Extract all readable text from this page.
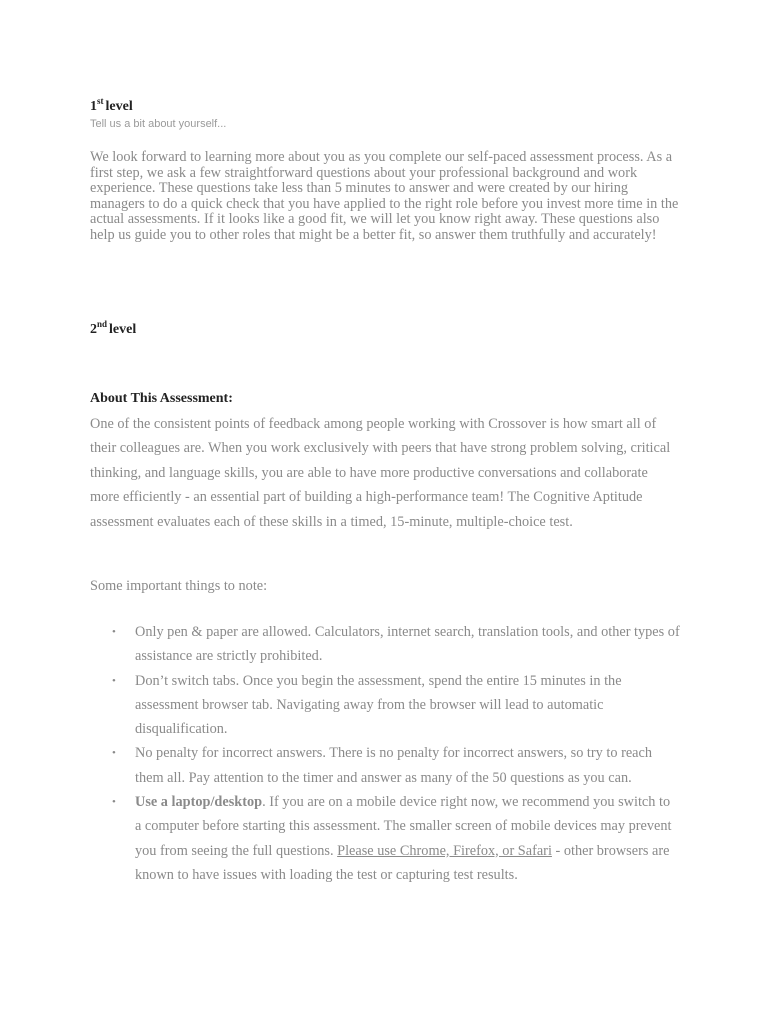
1st level
Tell us a bit about yourself...

We look forward to learning more about you as you complete our self-paced assessment process. As a first step, we ask a few straightforward questions about your professional background and work experience. These questions take less than 5 minutes to answer and were created by our hiring managers to do a quick check that you have applied to the right role before you invest more time in the actual assessments. If it looks like a good fit, we will let you know right away. These questions also help us guide you to other roles that might be a better fit, so answer them truthfully and accurately!

2nd level
About This Assessment:

One of the consistent points of feedback among people working with Crossover is how smart all of their colleagues are. When you work exclusively with peers that have strong problem solving, critical thinking, and language skills, you are able to have more productive conversations and collaborate more efficiently - an essential part of building a high-performance team! The Cognitive Aptitude assessment evaluates each of these skills in a timed, 15-minute, multiple-choice test.

Some important things to note:

• Only pen & paper are allowed. Calculators, internet search, translation tools, and other types of assistance are strictly prohibited.
• Don’t switch tabs. Once you begin the assessment, spend the entire 15 minutes in the assessment browser tab. Navigating away from the browser will lead to automatic disqualification.
• No penalty for incorrect answers. There is no penalty for incorrect answers, so try to reach them all. Pay attention to the timer and answer as many of the 50 questions as you can.
• Use a laptop/desktop. If you are on a mobile device right now, we recommend you switch to a computer before starting this assessment. The smaller screen of mobile devices may prevent you from seeing the full questions. Please use Chrome, Firefox, or Safari - other browsers are known to have issues with loading the test or capturing test results.
